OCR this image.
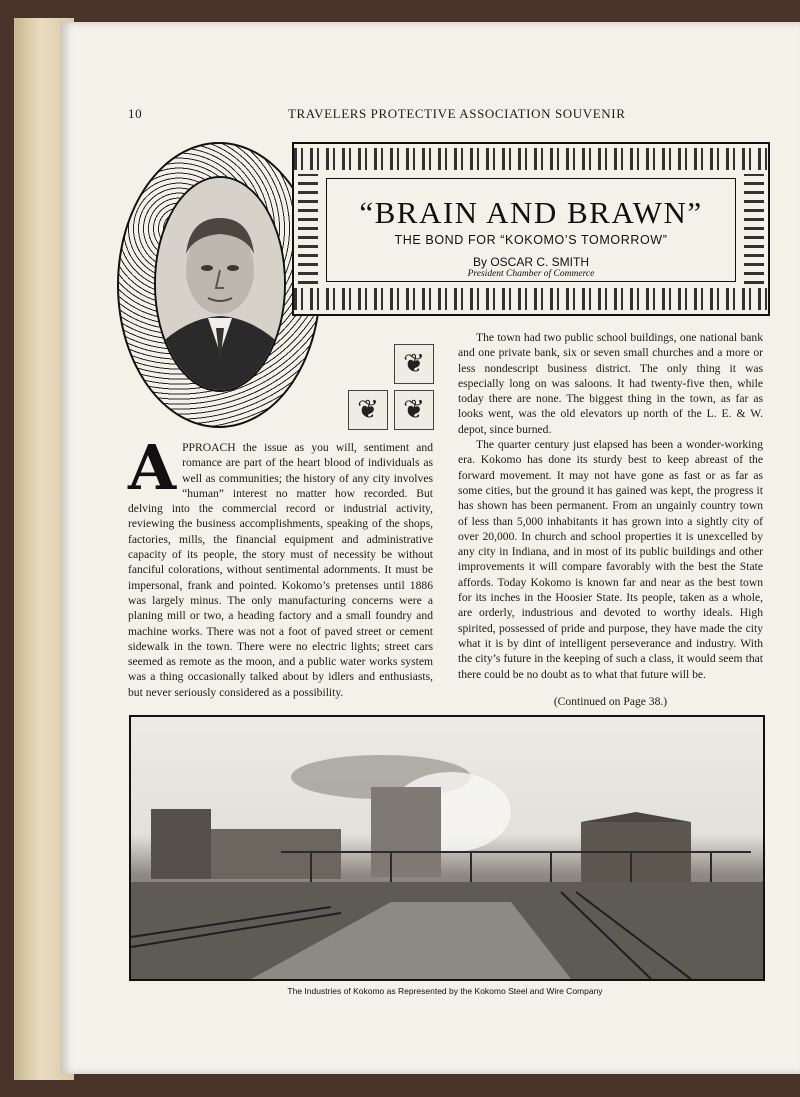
10	TRAVELERS PROTECTIVE ASSOCIATION SOUVENIR
“BRAIN AND BRAWN”
THE BOND FOR “KOKOMO’S TOMORROW”
By OSCAR C. SMITH
President Chamber of Commerce
❦
❦ ❦

APPROACH the issue as you will, sentiment and romance are part of the heart blood of individuals as well as communities; the history of any city involves “human” interest no matter how recorded. But delving into the commercial record or industrial activity, reviewing the business accomplishments, speaking of the shops, factories, mills, the financial equipment and administrative capacity of its people, the story must of necessity be without fanciful colorations, without sentimental adornments. It must be impersonal, frank and pointed. Kokomo’s pretenses until 1886 was largely minus. The only manufacturing concerns were a planing mill or two, a heading factory and a small foundry and machine works. There was not a foot of paved street or cement sidewalk in the town. There were no electric lights; street cars seemed as remote as the moon, and a public water works system was a thing occasionally talked about by idlers and enthusiasts, but never seriously considered as a possibility.

The town had two public school buildings, one national bank and one private bank, six or seven small churches and a more or less nondescript business district. The only thing it was especially long on was saloons. It had twenty-five then, while today there are none. The biggest thing in the town, as far as looks went, was the old elevators up north of the L. E. & W. depot, since burned.

The quarter century just elapsed has been a wonder-working era. Kokomo has done its sturdy best to keep abreast of the forward movement. It may not have gone as fast or as far as some cities, but the ground it has gained was kept, the progress it has shown has been permanent. From an ungainly country town of less than 5,000 inhabitants it has grown into a sightly city of over 20,000. In church and school properties it is unexcelled by any city in Indiana, and in most of its public buildings and other improvements it will compare favorably with the best the State affords. Today Kokomo is known far and near as the best town for its inches in the Hoosier State. Its people, taken as a whole, are orderly, industrious and devoted to worthy ideals. High spirited, possessed of pride and purpose, they have made the city what it is by dint of intelligent perseverance and industry. With the city’s future in the keeping of such a class, it would seem that there could be no doubt as to what that future will be.

(Continued on Page 38.)

The Industries of Kokomo as Represented by the Kokomo Steel and Wire Company
